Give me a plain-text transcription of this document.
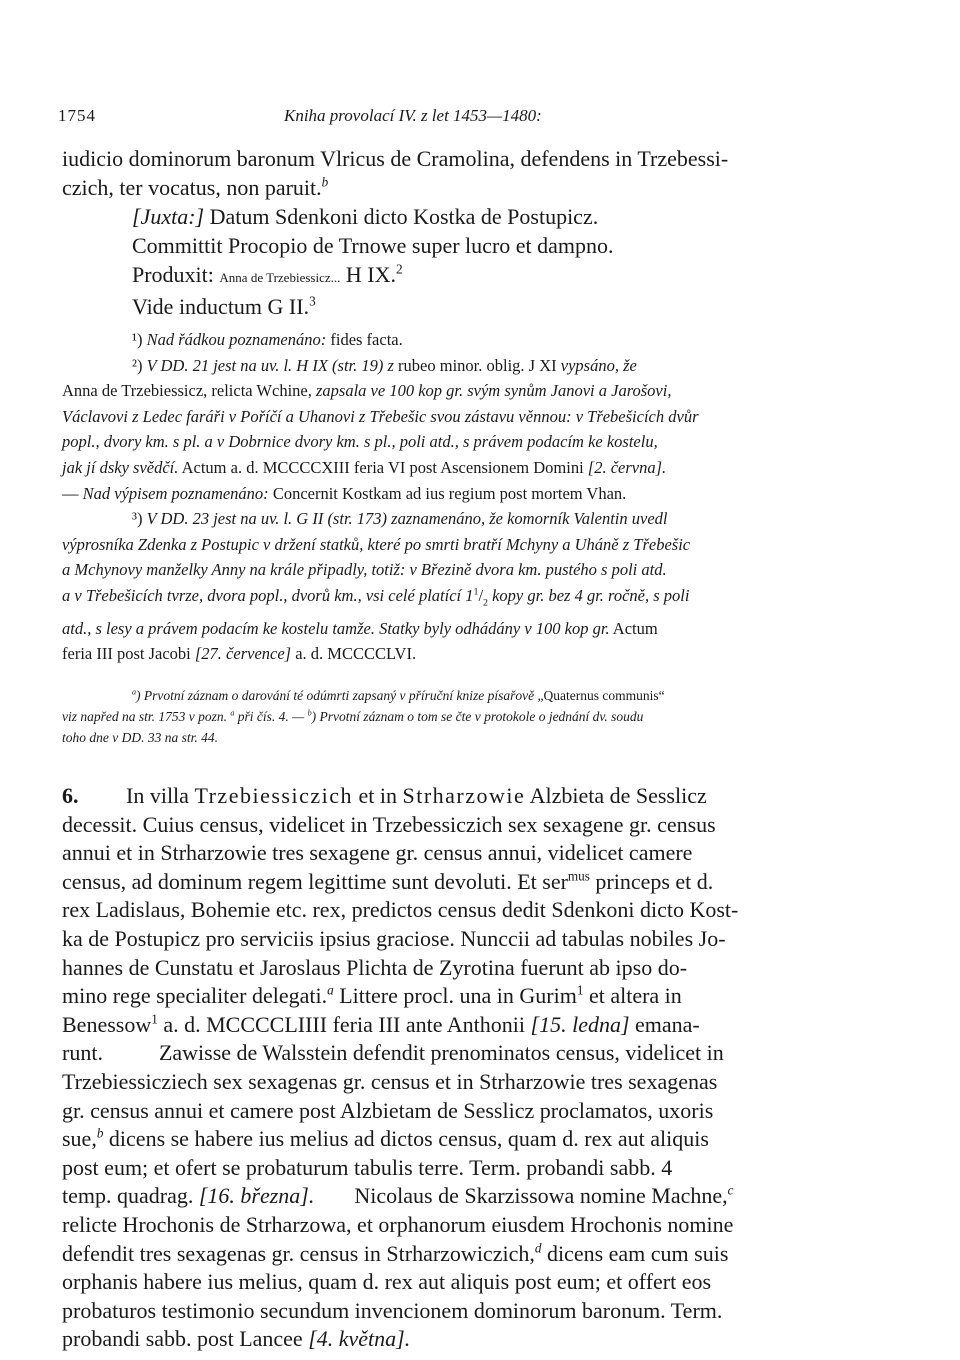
1754	Kniha provolací IV. z let 1453—1480:

iudicio dominorum baronum Vlricus de Cramolina, defendens in Trzebessi-

czich, ter vocatus, non paruit.$^b$

[Juxta:] Datum Sdenkoni dicto Kostka de Postupicz.

Committit Procopio de Trnowe super lucro et dampno.

Produxit: Anna de Trzebiessicz... H IX.$^2$

Vide inductum G II.$^3$

¹) Nad řádkou poznamenáno: fides facta.

²) V DD. 21 jest na uv. l. H IX (str. 19) z rubeo minor. oblig. J XI vypsáno, že

Anna de Trzebiessicz, relicta Wchine, zapsala ve 100 kop gr. svým synům Janovi a Jarošovi,

Václavovi z Ledec faráři v Poříčí a Uhanovi z Třebešic svou zástavu věnnou: v Třebešicích dvůr

popl., dvory km. s pl. a v Dobrnice dvory km. s pl., poli atd., s právem podacím ke kostelu,

jak jí dsky svědčí. Actum a. d. MCCCCXIII feria VI post Ascensionem Domini [2. června].

— Nad výpisem poznamenáno: Concernit Kostkam ad ius regium post mortem Vhan.

³) V DD. 23 jest na uv. l. G II (str. 173) zaznamenáno, že komorník Valentin uvedl

výprosníka Zdenka z Postupic v držení statků, které po smrti bratří Mchyny a Uháně z Třebešic

a Mchynovy manželky Anny na krále připadly, totiž: v Březině dvora km. pustého s poli atd.

a v Třebešicích tvrze, dvora popl., dvorů km., vsi celé platící $1^1/_2$ kopy gr. bez 4 gr. ročně, s poli

atd., s lesy a právem podacím ke kostelu tamže. Statky byly odhádány v 100 kop gr. Actum

feria III post Jacobi [27. července] a. d. MCCCCLVI.

$^a$) Prvotní záznam o darování té odúmrti zapsaný v příruční knize písařově „Quaternus communis“

viz napřed na str. 1753 v pozn. $^a$ při čís. 4. — $^b$) Prvotní záznam o tom se čte v protokole o jednání dv. soudu

toho dne v DD. 33 na str. 44.

6. In villa Trzebiessiczich et in Strharzowie Alzbieta de Sesslicz

decessit. Cuius census, videlicet in Trzebessiczich sex sexagene gr. census

annui et in Strharzowie tres sexagene gr. census annui, videlicet camere

census, ad dominum regem legittime sunt devoluti. Et ser$^{mus}$ princeps et d.

rex Ladislaus, Bohemie etc. rex, predictos census dedit Sdenkoni dicto Kost-

ka de Postupicz pro serviciis ipsius graciose. Nunccii ad tabulas nobiles Jo-

hannes de Cunstatu et Jaroslaus Plichta de Zyrotina fuerunt ab ipso do-

mino rege specialiter delegati.$^a$ Littere procl. una in Gurim$^1$ et altera in

Benessow$^1$ a. d. MCCCCLIIII feria III ante Anthonii [15. ledna] emana-

runt.	Zawisse de Walsstein defendit prenominatos census, videlicet in

Trzebiessicziech sex sexagenas gr. census et in Strharzowie tres sexagenas

gr. census annui et camere post Alzbietam de Sesslicz proclamatos, uxoris

sue,$^b$ dicens se habere ius melius ad dictos census, quam d. rex aut aliquis

post eum; et ofert se probaturum tabulis terre. Term. probandi sabb. 4

temp. quadrag. [16. března]. Nicolaus de Skarzissowa nomine Machne,$^c$

relicte Hrochonis de Strharzowa, et orphanorum eiusdem Hrochonis nomine

defendit tres sexagenas gr. census in Strharzowiczich,$^d$ dicens eam cum suis

orphanis habere ius melius, quam d. rex aut aliquis post eum; et offert eos

probaturos testimonio secundum invencionem dominorum baronum. Term.

probandi sabb. post Lancee [4. května].
